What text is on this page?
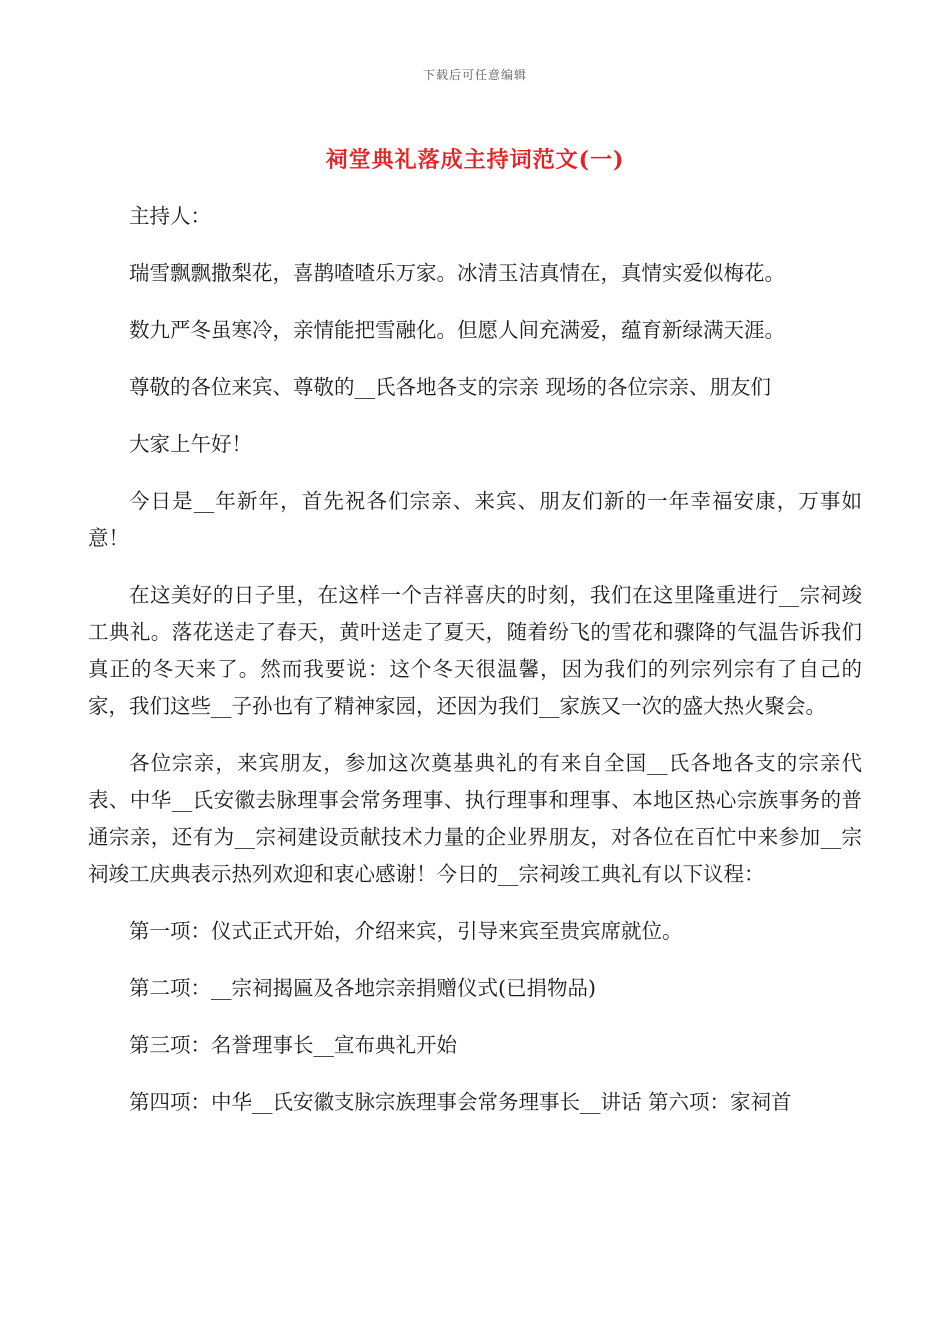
下载后可任意编辑
祠堂典礼落成主持词范文(一)

主持人：

瑞雪飘飘撒梨花，喜鹊喳喳乐万家。冰清玉洁真情在，真情实爱似梅花。

数九严冬虽寒冷，亲情能把雪融化。但愿人间充满爱，蕴育新绿满天涯。

尊敬的各位来宾、尊敬的__氏各地各支的宗亲 现场的各位宗亲、朋友们

大家上午好！

今日是__年新年，首先祝各们宗亲、来宾、朋友们新的一年幸福安康，万事如意！

在这美好的日子里，在这样一个吉祥喜庆的时刻，我们在这里隆重进行__宗祠竣工典礼。落花送走了春天，黄叶送走了夏天，随着纷飞的雪花和骤降的气温告诉我们真正的冬天来了。然而我要说：这个冬天很温馨，因为我们的列宗列宗有了自己的家，我们这些__子孙也有了精神家园，还因为我们__家族又一次的盛大热火聚会。

各位宗亲，来宾朋友，参加这次奠基典礼的有来自全国__氏各地各支的宗亲代表、中华__氏安徽去脉理事会常务理事、执行理事和理事、本地区热心宗族事务的普通宗亲，还有为__宗祠建设贡献技术力量的企业界朋友，对各位在百忙中来参加__宗祠竣工庆典表示热列欢迎和衷心感谢！今日的__宗祠竣工典礼有以下议程：

第一项：仪式正式开始，介绍来宾，引导来宾至贵宾席就位。

第二项：__宗祠揭匾及各地宗亲捐赠仪式(已捐物品)

第三项：名誉理事长__宣布典礼开始

第四项：中华__氏安徽支脉宗族理事会常务理事长__讲话 第六项：家祠首
